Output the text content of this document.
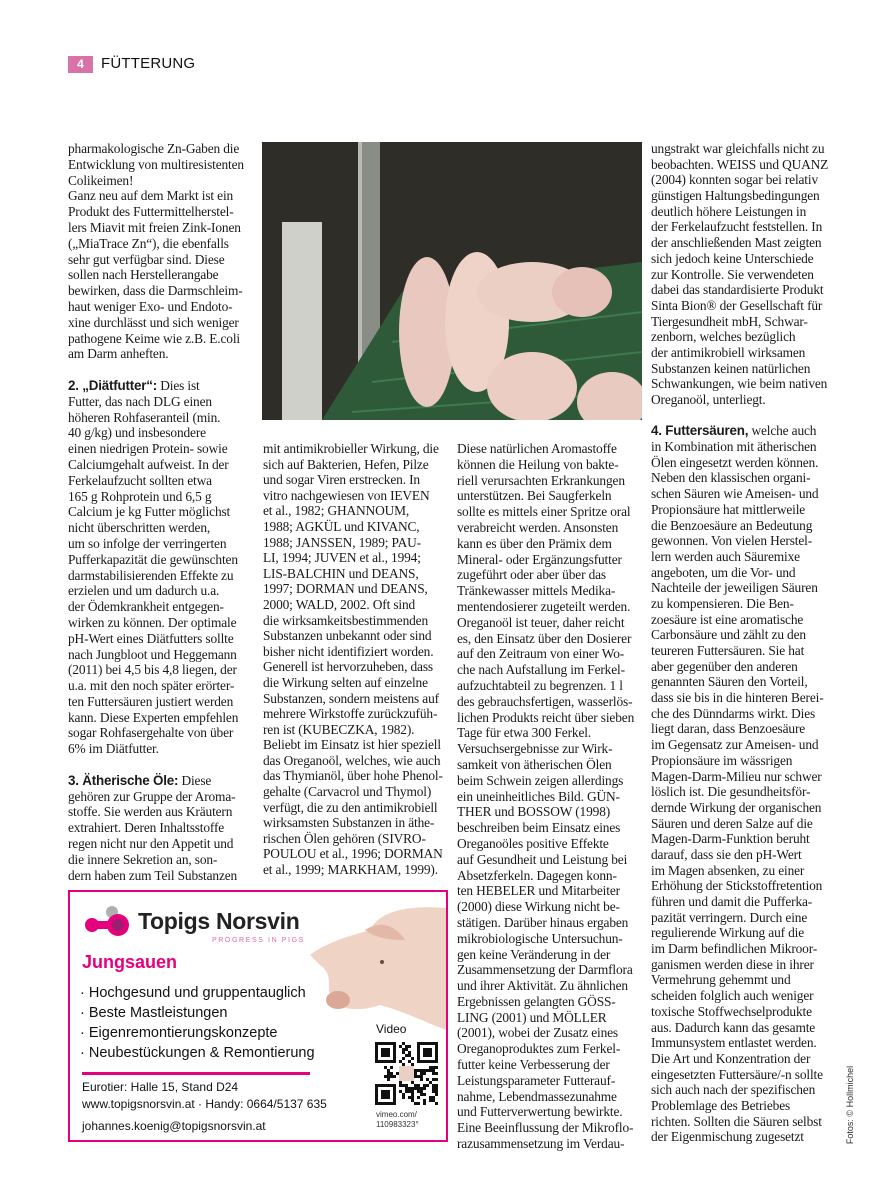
4	FÜTTERUNG
pharmakologische Zn-Gaben die
Entwicklung von multiresistenten
Colikeimen!
Ganz neu auf dem Markt ist ein
Produkt des Futtermittelherstel-
lers Miavit mit freien Zink-Ionen
(„MiaTrace Zn“), die ebenfalls
sehr gut verfügbar sind. Diese
sollen nach Herstellerangabe
bewirken, dass die Darmschleim-
haut weniger Exo- und Endoto-
xine durchlässt und sich weniger
pathogene Keime wie z.B. E.coli
am Darm anheften.
2. „Diätfutter“: Dies ist
Futter, das nach DLG einen
höheren Rohfaseranteil (min.
40 g/kg) und insbesondere
einen niedrigen Protein- sowie
Calciumgehalt aufweist. In der
Ferkelaufzucht sollten etwa
165 g Rohprotein und 6,5 g
Calcium je kg Futter möglichst
nicht überschritten werden,
um so infolge der verringerten
Pufferkapazität die gewünschten
darmstabilisierenden Effekte zu
erzielen und um dadurch u.a.
der Ödemkrankheit entgegen-
wirken zu können. Der optimale
pH-Wert eines Diätfutters sollte
nach Jungbloot und Heggemann
(2011) bei 4,5 bis 4,8 liegen, der
u.a. mit den noch später erörter-
ten Futtersäuren justiert werden
kann. Diese Experten empfehlen
sogar Rohfasergehalte von über
6% im Diätfutter.
3. Ätherische Öle: Diese
gehören zur Gruppe der Aroma-
stoffe. Sie werden aus Kräutern
extrahiert. Deren Inhaltsstoffe
regen nicht nur den Appetit und
die innere Sekretion an, son-
dern haben zum Teil Substanzen
mit antimikrobieller Wirkung, die
sich auf Bakterien, Hefen, Pilze
und sogar Viren erstrecken. In
vitro nachgewiesen von IEVEN
et al., 1982; GHANNOUM,
1988; AGKÜL und KIVANC,
1988; JANSSEN, 1989; PAU-
LI, 1994; JUVEN et al., 1994;
LIS-BALCHIN und DEANS,
1997; DORMAN und DEANS,
2000; WALD, 2002. Oft sind
die wirksamkeitsbestimmenden
Substanzen unbekannt oder sind
bisher nicht identifiziert worden.
Generell ist hervorzuheben, dass
die Wirkung selten auf einzelne
Substanzen, sondern meistens auf
mehrere Wirkstoffe zurückzufüh-
ren ist (KUBECZKA, 1982).
Beliebt im Einsatz ist hier speziell
das Oreganoöl, welches, wie auch
das Thymianöl, über hohe Phenol-
gehalte (Carvacrol und Thymol)
verfügt, die zu den antimikrobiell
wirksamsten Substanzen in äthe-
rischen Ölen gehören (SIVRO-
POULOU et al., 1996; DORMAN
et al., 1999; MARKHAM, 1999).
Diese natürlichen Aromastoffe
können die Heilung von bakte-
riell verursachten Erkrankungen
unterstützen. Bei Saugferkeln
sollte es mittels einer Spritze oral
verabreicht werden. Ansonsten
kann es über den Prämix dem
Mineral- oder Ergänzungsfutter
zugeführt oder aber über das
Tränkewasser mittels Medika-
mentendosierer zugeteilt werden.
Oreganoöl ist teuer, daher reicht
es, den Einsatz über den Dosierer
auf den Zeitraum von einer Wo-
che nach Aufstallung im Ferkel-
aufzuchtabteil zu begrenzen. 1 l
des gebrauchsfertigen, wasserlös-
lichen Produkts reicht über sieben
Tage für etwa 300 Ferkel.
Versuchsergebnisse zur Wirk-
samkeit von ätherischen Ölen
beim Schwein zeigen allerdings
ein uneinheitliches Bild. GÜN-
THER und BOSSOW (1998)
beschreiben beim Einsatz eines
Oreganoöles positive Effekte
auf Gesundheit und Leistung bei
Absetzferkeln. Dagegen konn-
ten HEBELER und Mitarbeiter
(2000) diese Wirkung nicht be-
stätigen. Darüber hinaus ergaben
mikrobiologische Untersuchun-
gen keine Veränderung in der
Zusammensetzung der Darmflora
und ihrer Aktivität. Zu ähnlichen
Ergebnissen gelangten GÖSS-
LING (2001) und MÖLLER
(2001), wobei der Zusatz eines
Oreganoproduktes zum Ferkel-
futter keine Verbesserung der
Leistungsparameter Futterauf-
nahme, Lebendmassezunahme
und Futterverwertung bewirkte.
Eine Beeinflussung der Mikroflo-
razusammensetzung im Verdau-
ungstrakt war gleichfalls nicht zu
beobachten. WEISS und QUANZ
(2004) konnten sogar bei relativ
günstigen Haltungsbedingungen
deutlich höhere Leistungen in
der Ferkelaufzucht feststellen. In
der anschließenden Mast zeigten
sich jedoch keine Unterschiede
zur Kontrolle. Sie verwendeten
dabei das standardisierte Produkt
Sinta Bion® der Gesellschaft für
Tiergesundheit mbH, Schwar-
zenborn, welches bezüglich
der antimikrobiell wirksamen
Substanzen keinen natürlichen
Schwankungen, wie beim nativen
Oreganoöl, unterliegt.
4. Futtersäuren, welche auch
in Kombination mit ätherischen
Ölen eingesetzt werden können.
Neben den klassischen organi-
schen Säuren wie Ameisen- und
Propionsäure hat mittlerweile
die Benzoesäure an Bedeutung
gewonnen. Von vielen Herstel-
lern werden auch Säuremixe
angeboten, um die Vor- und
Nachteile der jeweiligen Säuren
zu kompensieren. Die Ben-
zoesäure ist eine aromatische
Carbonsäure und zählt zu den
teureren Futtersäuren. Sie hat
aber gegenüber den anderen
genannten Säuren den Vorteil,
dass sie bis in die hinteren Berei-
che des Dünndarms wirkt. Dies
liegt daran, dass Benzoesäure
im Gegensatz zur Ameisen- und
Propionsäure im wässrigen
Magen-Darm-Milieu nur schwer
löslich ist. Die gesundheitsför-
dernde Wirkung der organischen
Säuren und deren Salze auf die
Magen-Darm-Funktion beruht
darauf, dass sie den pH-Wert
im Magen absenken, zu einer
Erhöhung der Stickstoffretention
führen und damit die Pufferka-
pazität verringern. Durch eine
regulierende Wirkung auf die
im Darm befindlichen Mikroor-
ganismen werden diese in ihrer
Vermehrung gehemmt und
scheiden folglich auch weniger
toxische Stoffwechselprodukte
aus. Dadurch kann das gesamte
Immunsystem entlastet werden.
Die Art und Konzentration der
eingesetzten Futtersäure/-n sollte
sich auch nach der spezifischen
Problemlage des Betriebes
richten. Sollten die Säuren selbst
der Eigenmischung zugesetzt
Topigs Norsvin
PROGRESS IN PIGS
Jungsauen
· Hochgesund und gruppentauglich
· Beste Mastleistungen
· Eigenremontierungskonzepte
· Neubestückungen & Remontierung
Eurotier: Halle 15, Stand D24
www.topigsnorsvin.at · Handy: 0664/5137 635
johannes.koenig@topigsnorsvin.at
Video
vimeo.com/
110983323°	Fotos: © Hollmichel
